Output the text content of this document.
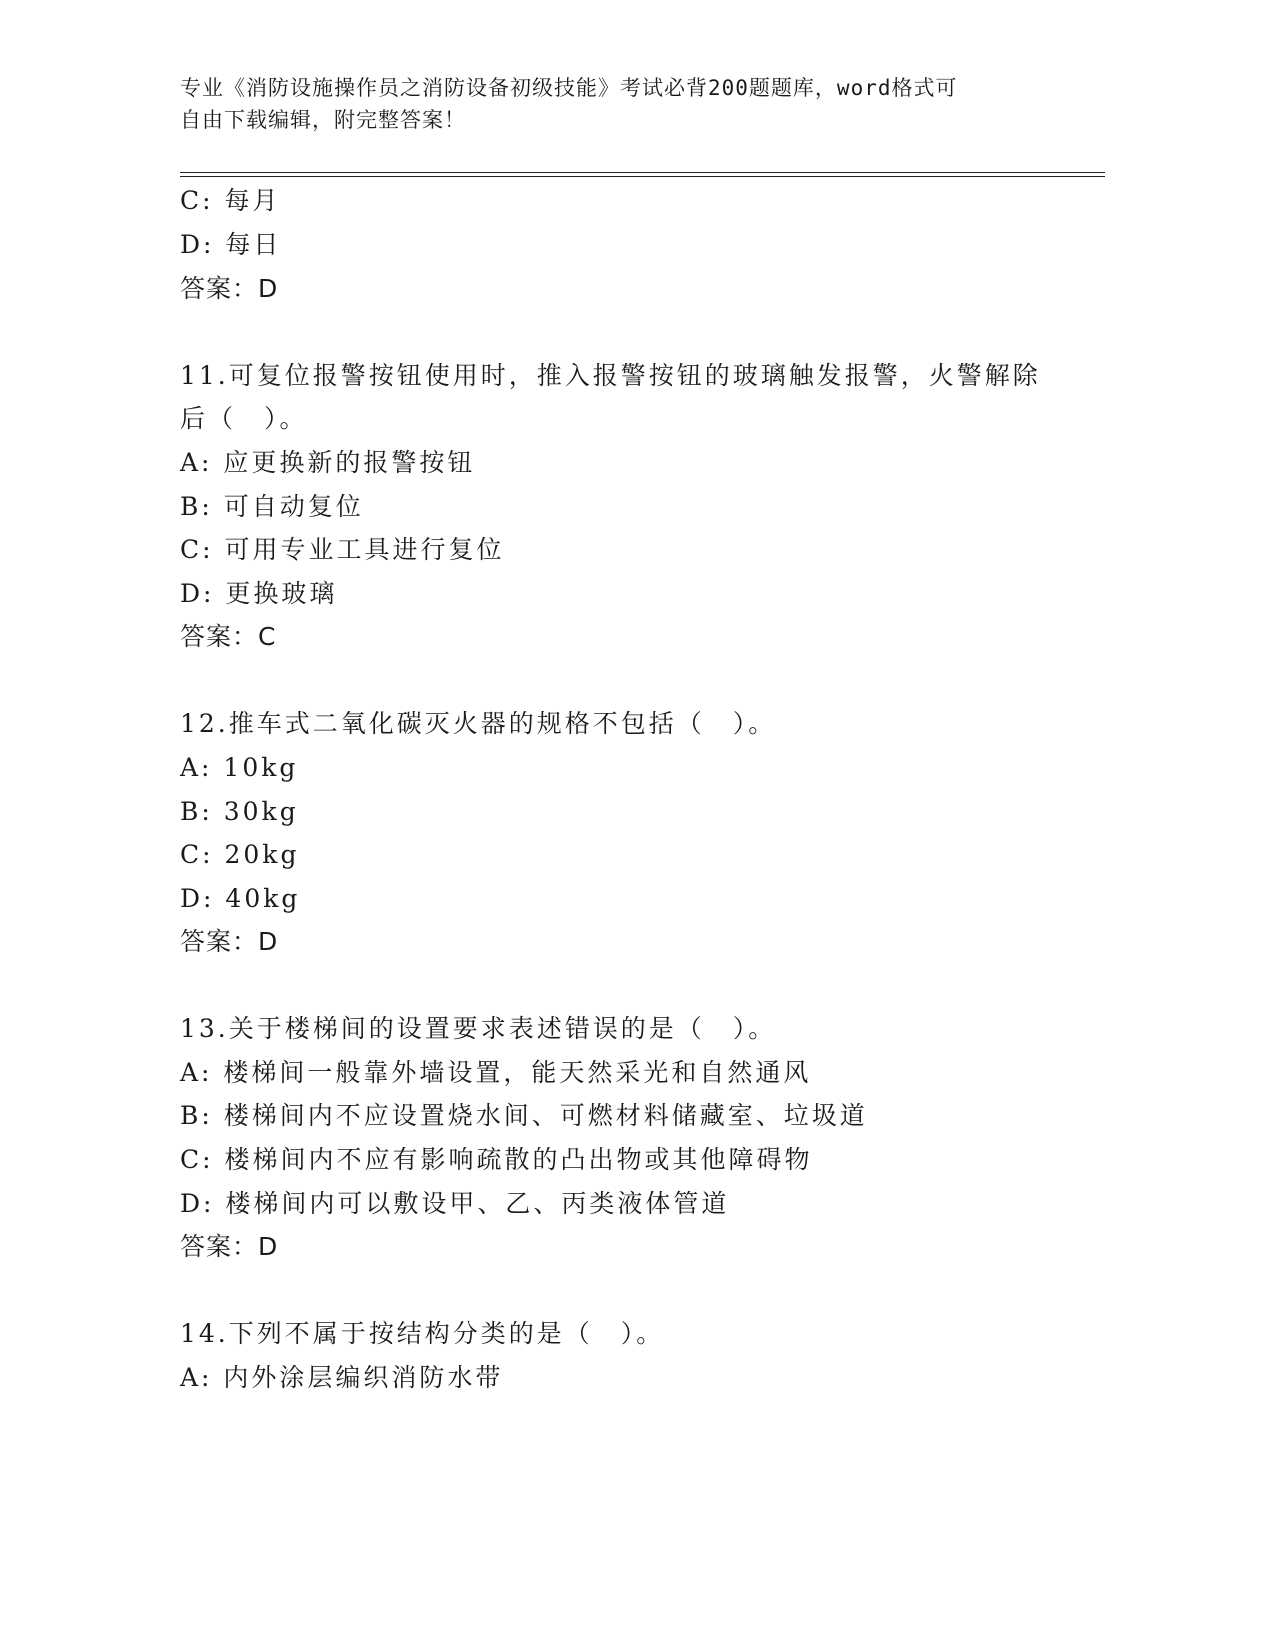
专业《消防设施操作员之消防设备初级技能》考试必背200题题库，word格式可
自由下载编辑，附完整答案！
C: 每月
D: 每日
答案：D
11.可复位报警按钮使用时，推入报警按钮的玻璃触发报警，火警解除
后（　）。
A: 应更换新的报警按钮
B: 可自动复位
C: 可用专业工具进行复位
D: 更换玻璃
答案：C
12.推车式二氧化碳灭火器的规格不包括（　）。
A: 10kg
B: 30kg
C: 20kg
D: 40kg
答案：D
13.关于楼梯间的设置要求表述错误的是（　）。
A: 楼梯间一般靠外墙设置，能天然采光和自然通风
B: 楼梯间内不应设置烧水间、可燃材料储藏室、垃圾道
C: 楼梯间内不应有影响疏散的凸出物或其他障碍物
D: 楼梯间内可以敷设甲、乙、丙类液体管道
答案：D
14.下列不属于按结构分类的是（　）。
A: 内外涂层编织消防水带
